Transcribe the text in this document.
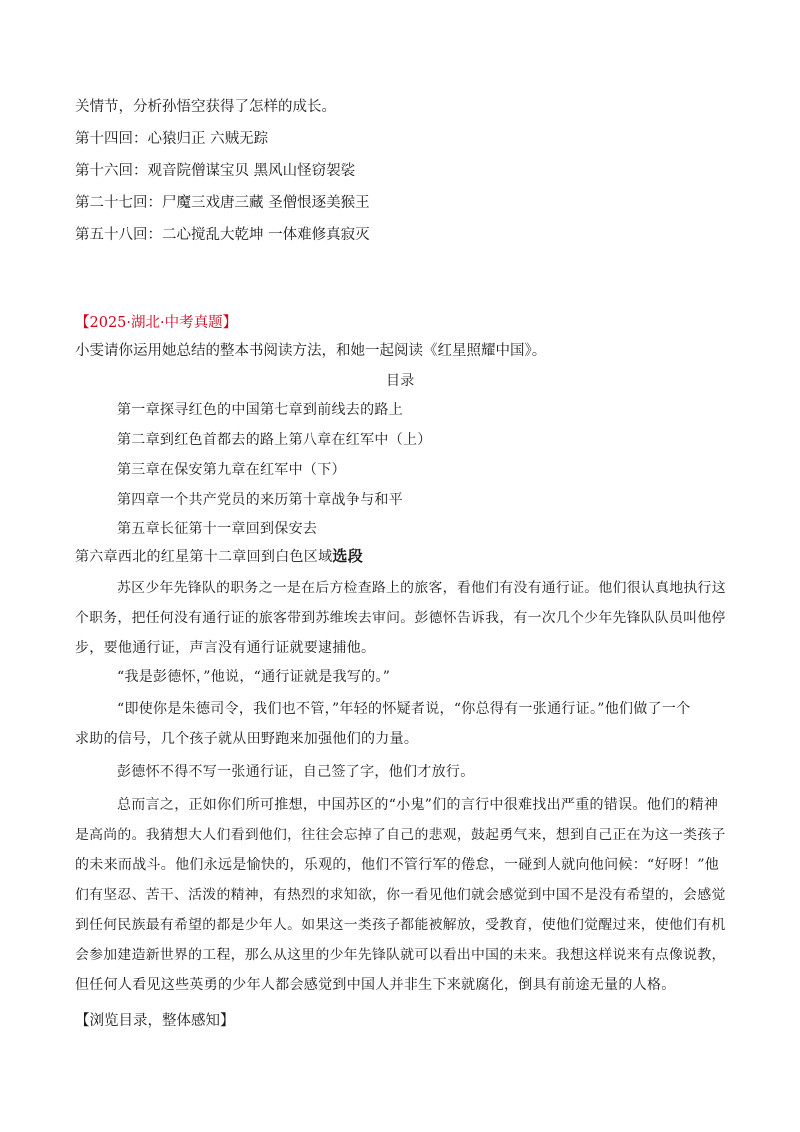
关情节，分析孙悟空获得了怎样的成长。
第十四回：心猿归正 六贼无踪
第十六回：观音院僧谋宝贝 黑风山怪窃袈裟
第二十七回：尸魔三戏唐三藏 圣僧恨逐美猴王
第五十八回：二心搅乱大乾坤 一体难修真寂灭
【2025·湖北·中考真题】
小雯请你运用她总结的整本书阅读方法，和她一起阅读《红星照耀中国》。
目录
第一章探寻红色的中国第七章到前线去的路上
第二章到红色首都去的路上第八章在红军中（上）
第三章在保安第九章在红军中（下）
第四章一个共产党员的来历第十章战争与和平
第五章长征第十一章回到保安去
第六章西北的红星第十二章回到白色区域选段
苏区少年先锋队的职务之一是在后方检查路上的旅客，看他们有没有通行证。他们很认真地执行这
个职务，把任何没有通行证的旅客带到苏维埃去审问。彭德怀告诉我，有一次几个少年先锋队队员叫他停
步，要他通行证，声言没有通行证就要逮捕他。
“我是彭德怀，”他说，“通行证就是我写的。”
“即使你是朱德司令，我们也不管，”年轻的怀疑者说，“你总得有一张通行证。”他们做了一个
求助的信号，几个孩子就从田野跑来加强他们的力量。
彭德怀不得不写一张通行证，自己签了字，他们才放行。
总而言之，正如你们所可推想，中国苏区的“小鬼”们的言行中很难找出严重的错误。他们的精神
是高尚的。我猜想大人们看到他们，往往会忘掉了自己的悲观，鼓起勇气来，想到自己正在为这一类孩子
的未来而战斗。他们永远是愉快的，乐观的，他们不管行军的倦怠，一碰到人就向他问候：“好呀！”他
们有坚忍、苦干、活泼的精神，有热烈的求知欲，你一看见他们就会感觉到中国不是没有希望的，会感觉
到任何民族最有希望的都是少年人。如果这一类孩子都能被解放，受教育，使他们觉醒过来，使他们有机
会参加建造新世界的工程，那么从这里的少年先锋队就可以看出中国的未来。我想这样说来有点像说教，
但任何人看见这些英勇的少年人都会感觉到中国人并非生下来就腐化，倒具有前途无量的人格。
【浏览目录，整体感知】
